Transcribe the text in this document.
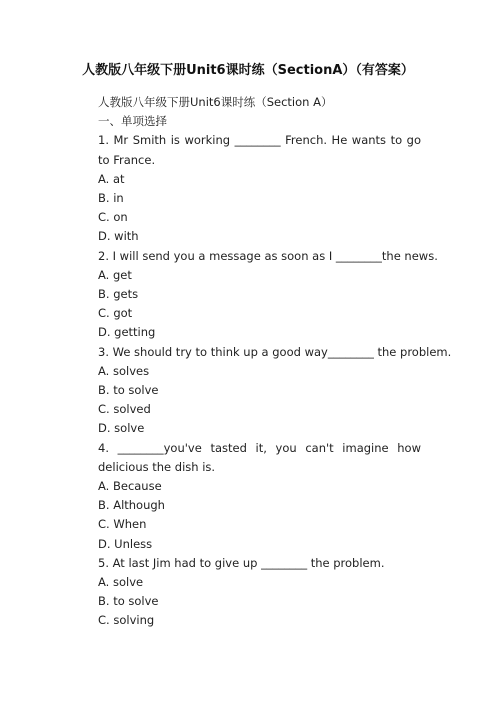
人教版八年级下册Unit6课时练（SectionA）（有答案）

人教版八年级下册Unit6课时练（Section A）

一、单项选择

1. Mr Smith is working ________ French. He wants to go to France.

A. at

B. in

C. on

D. with

2. I will send you a message as soon as I ________the news.

A. get

B. gets

C. got

D. getting

3. We should try to think up a good way________ the problem.

A. solves

B. to solve

C. solved

D. solve

4. ________you've tasted it, you can't imagine how delicious the dish is.

A. Because

B. Although

C. When

D. Unless

5. At last Jim had to give up ________ the problem.

A. solve

B. to solve

C. solving
